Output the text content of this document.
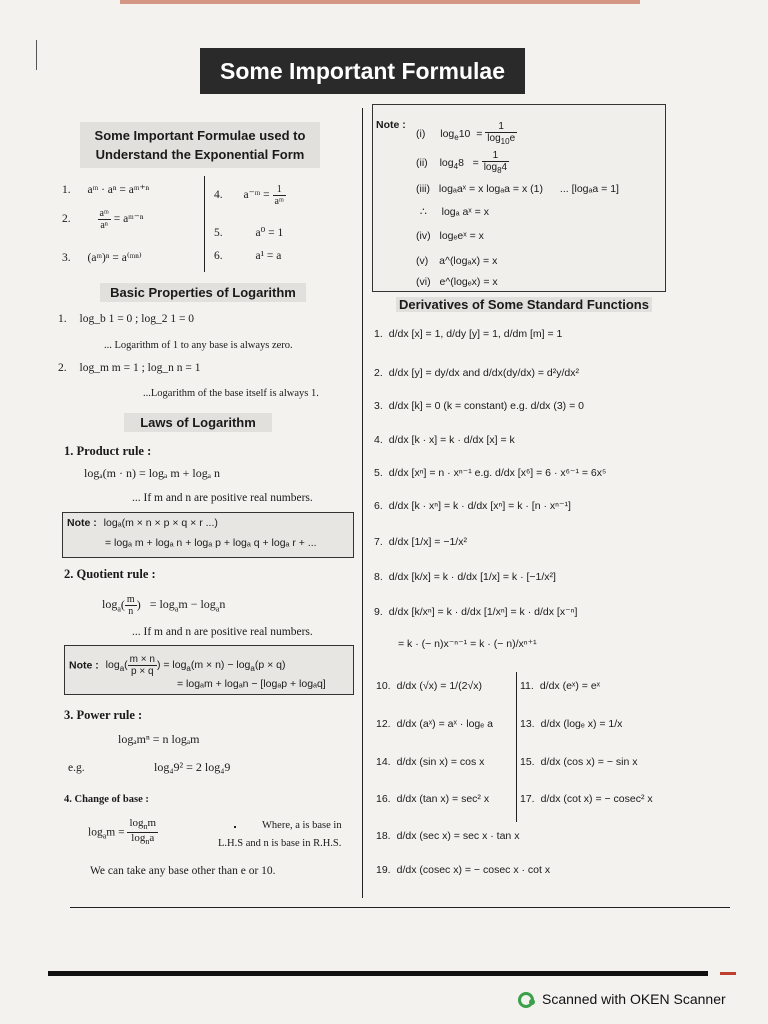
Some Important Formulae
Some Important Formulae used to
Understand the Exponential Form
1. aᵐ · aⁿ = aᵐ⁺ⁿ
2.	$\frac{\text{aᵐ}}{\text{aⁿ}}$ = aᵐ⁻ⁿ
3. (aᵐ)ⁿ = a⁽ᵐⁿ⁾
4. a⁻ᵐ = $\frac{1}{\text{aᵐ}}$
5.	a⁰ = 1
6.	a¹ = a
Basic Properties of Logarithm
1. log_b 1 = 0 ; log_2 1 = 0
... Logarithm of 1 to any base is always zero.
2. log_m m = 1 ; log_n n = 1
...Logarithm of the base itself is always 1.
Laws of Logarithm
1. Product rule :
logₐ(m · n) = logₐ m + logₐ n
... If m and n are positive real numbers.
Note : logₐ(m × n × p × q × r ...)
= logₐ m + logₐ n + logₐ p + logₐ q + logₐ r + ...
2. Quotient rule :
$\log_a( \frac{m}{n}$ ) = $\log_am - \log_an$
... If m and n are positive real numbers.
Note : $\log_a( \frac{m \times n}{p \times q}$ ) = $\log_a(m \times n) - \log_a(p \times q)$
= logₐm + logₐn − [logₐp + logₐq]
3. Power rule :
logₐmⁿ = n logₐm
e.g.	log₄9² = 2 log₄9
4. Change of base :
$\log_am = \frac{\log_nm}{\log_na}$	Where, a is base in
L.H.S and n is base in R.H.S.
We can take any base other than e or 10.
Note :
(i) $\log_e10 = \frac{1}{\log_{10}e}$
(ii) $\log_48 = \frac{1}{\log_84}$
(iii) logₐaˣ = x logₐa = x (1) ... [logₐa = 1]
∴ logₐ aˣ = x
(iv) logₑeˣ = x
(v) a^(logₐx) = x
(vi) e^(logₑx) = x
Derivatives of Some Standard Functions
1. d/dx [x] = 1, d/dy [y] = 1, d/dm [m] = 1
2. d/dx [y] = dy/dx and d/dx(dy/dx) = d²y/dx²
3. d/dx [k] = 0 (k = constant) e.g. d/dx (3) = 0
4. d/dx [k · x] = k · d/dx [x] = k
5. d/dx [xⁿ] = n · xⁿ⁻¹ e.g. d/dx [x⁶] = 6 · x⁶⁻¹ = 6x⁵
6. d/dx [k · xⁿ] = k · d/dx [xⁿ] = k · [n · xⁿ⁻¹]
7. d/dx [1/x] = −1/x²
8. d/dx [k/x] = k · d/dx [1/x] = k · [−1/x²]
9. d/dx [k/xⁿ] = k · d/dx [1/xⁿ] = k · d/dx [x⁻ⁿ]
= k · (− n)x⁻ⁿ⁻¹ = k · (− n)/xⁿ⁺¹
10. d/dx (√x) = 1/(2√x)	11. d/dx (eˣ) = eˣ
12. d/dx (aˣ) = aˣ · logₑ a	13. d/dx (logₑ x) = 1/x
14. d/dx (sin x) = cos x	15. d/dx (cos x) = − sin x
16. d/dx (tan x) = sec² x	17. d/dx (cot x) = − cosec² x
18. d/dx (sec x) = sec x · tan x
19. d/dx (cosec x) = − cosec x · cot x
Scanned with OKEN Scanner
